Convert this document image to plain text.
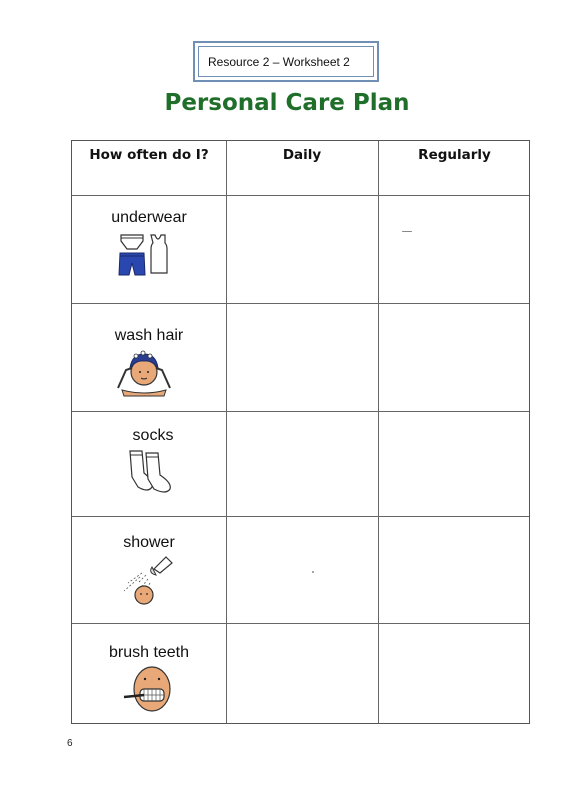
Resource 2 – Worksheet 2
Personal Care Plan
How often do I?	Daily	Regularly
underwear
wash hair
socks
shower
brush teeth
6
